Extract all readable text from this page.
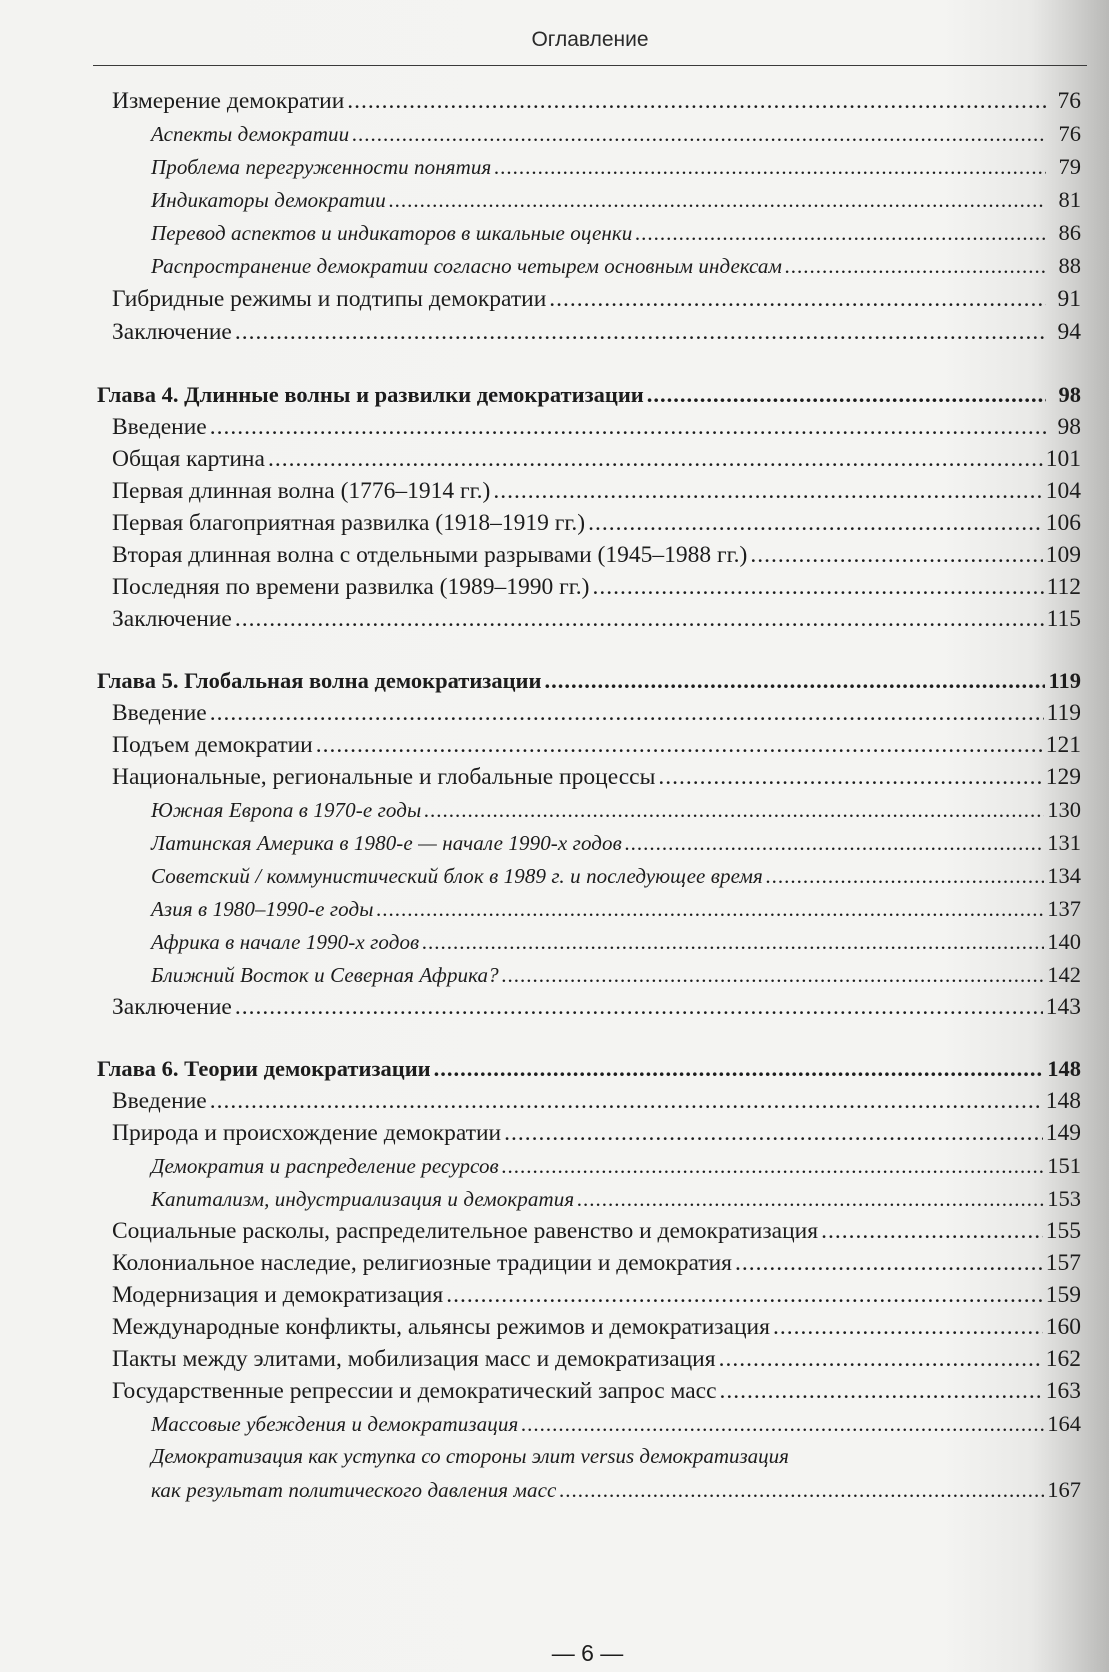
Оглавление
Измерение демократии .....	76
Аспекты демократии .....	76
Проблема перегруженности понятия .....	79
Индикаторы демократии .....	81
Перевод аспектов и индикаторов в шкальные оценки .....	86
Распространение демократии согласно четырем основным индексам .....	88
Гибридные режимы и подтипы демократии .....	91
Заключение .....	94
Глава 4. Длинные волны и развилки демократизации .....	98
Введение .....	98
Общая картина .....	101
Первая длинная волна (1776–1914 гг.) .....	104
Первая благоприятная развилка (1918–1919 гг.) .....	106
Вторая длинная волна с отдельными разрывами (1945–1988 гг.) .....	109
Последняя по времени развилка (1989–1990 гг.) .....	112
Заключение .....	115
Глава 5. Глобальная волна демократизации .....	119
Введение .....	119
Подъем демократии .....	121
Национальные, региональные и глобальные процессы .....	129
Южная Европа в 1970-е годы .....	130
Латинская Америка в 1980-е — начале 1990-х годов .....	131
Советский / коммунистический блок в 1989 г. и последующее время .....	134
Азия в 1980–1990-е годы .....	137
Африка в начале 1990-х годов .....	140
Ближний Восток и Северная Африка? .....	142
Заключение .....	143
Глава 6. Теории демократизации .....	148
Введение .....	148
Природа и происхождение демократии .....	149
Демократия и распределение ресурсов .....	151
Капитализм, индустриализация и демократия .....	153
Социальные расколы, распределительное равенство и демократизация .....	155
Колониальное наследие, религиозные традиции и демократия .....	157
Модернизация и демократизация .....	159
Международные конфликты, альянсы режимов и демократизация .....	160
Пакты между элитами, мобилизация масс и демократизация .....	162
Государственные репрессии и демократический запрос масс .....	163
Массовые убеждения и демократизация .....	164
Демократизация как уступка со стороны элит versus демократизация
как результат политического давления масс .....	167
— 6 —
